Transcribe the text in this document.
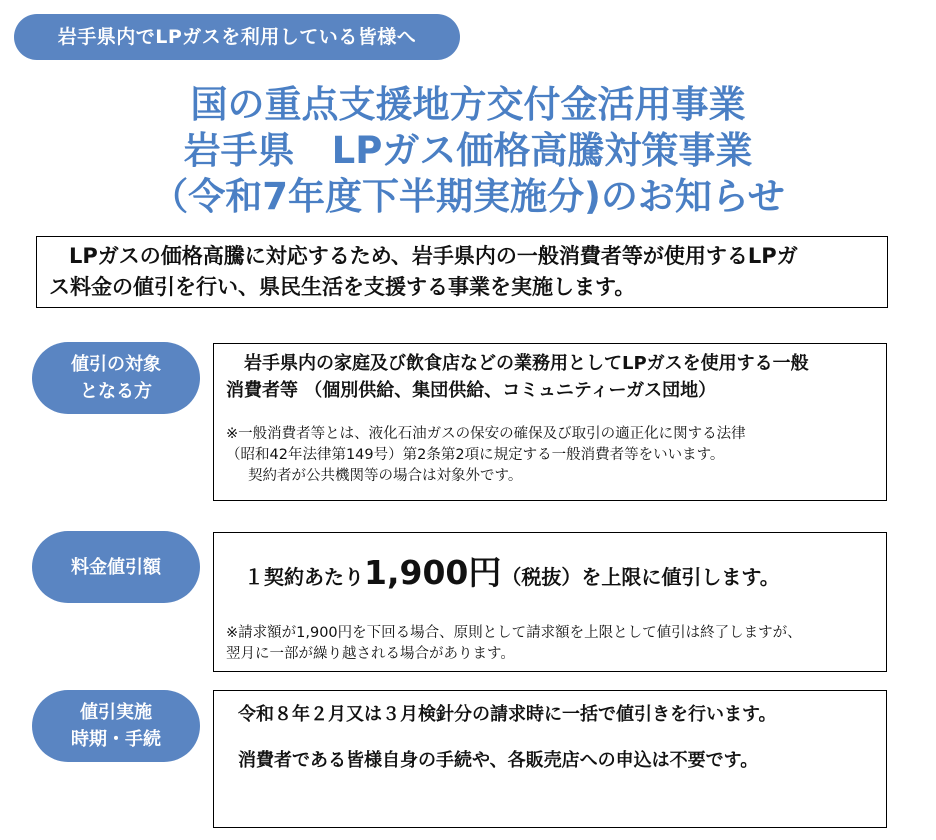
岩手県内でLPガスを利用している皆様へ
国の重点支援地方交付金活用事業
岩手県　LPガス価格高騰対策事業
（令和7年度下半期実施分)のお知らせ
LPガスの価格高騰に対応するため、岩手県内の一般消費者等が使用するLPガ
ス料金の値引を行い、県民生活を支援する事業を実施します。
値引の対象
となる方
岩手県内の家庭及び飲食店などの業務用としてLPガスを使用する一般
消費者等 （個別供給、集団供給、コミュニティーガス団地）
※一般消費者等とは、液化石油ガスの保安の確保及び取引の適正化に関する法律
（昭和42年法律第149号）第2条第2項に規定する一般消費者等をいいます。
契約者が公共機関等の場合は対象外です。
料金値引額	１契約あたり1,900円（税抜）を上限に値引します。
※請求額が1,900円を下回る場合、原則として請求額を上限として値引は終了しますが、
翌月に一部が繰り越される場合があります。
値引実施
時期・手続
令和８年２月又は３月検針分の請求時に一括で値引きを行います。
消費者である皆様自身の手続や、各販売店への申込は不要です。
